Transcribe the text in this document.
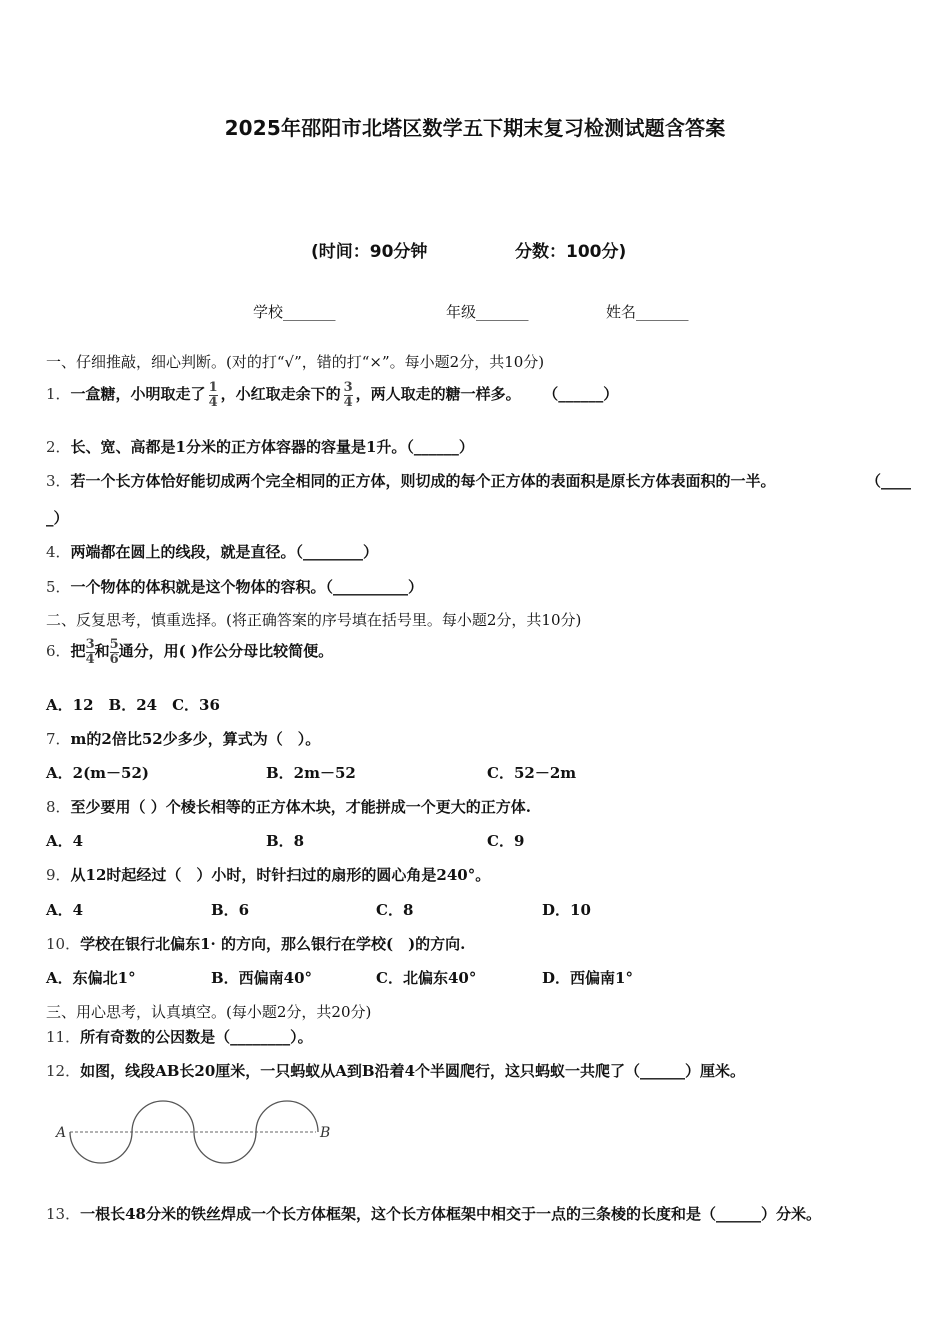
2025年邵阳市北塔区数学五下期末复习检测试题含答案
(时间：90分钟	分数：100分)
学校_______	年级_______	姓名_______
一、仔细推敲，细心判断。(对的打“√”，错的打“×”。每小题2分，共10分)
1．一盒糖，小明取走了 $\frac{1}{4}$ ，小红取走余下的 $\frac{3}{4}$ ，两人取走的糖一样多。 （______）
2．长、宽、高都是1分米的正方体容器的容量是1升。（______）
3．若一个长方体恰好能切成两个完全相同的正方体，则切成的每个正方体的表面积是原长方体表面积的一半。	（____
_）
4．两端都在圆上的线段，就是直径。（________）
5．一个物体的体积就是这个物体的容积。（__________）
二、反复思考，慎重选择。(将正确答案的序号填在括号里。每小题2分，共10分)
6．把 $\frac{3}{4}$ 和 $\frac{5}{6}$ 通分，用( )作公分母比较简便。
A．12　B．24　C．36
7．m的2倍比52少多少，算式为（　）。
A．2(m－52)	B．2m－52	C．52－2m
8．至少要用（ ）个棱长相等的正方体木块，才能拼成一个更大的正方体.
A．4	B．8	C．9
9．从12时起经过（　）小时，时针扫过的扇形的圆心角是240°。
A．4	B．6	C．8	D．10
10．学校在银行北偏东1· 的方向，那么银行在学校(　)的方向.
A．东偏北1°	B．西偏南40°	C．北偏东40°	D．西偏南1°
三、用心思考，认真填空。(每小题2分，共20分)
11．所有奇数的公因数是（________）。
12．如图，线段AB长20厘米，一只蚂蚁从A到B沿着4个半圆爬行，这只蚂蚁一共爬了（______）厘米。
A	B
13．一根长48分米的铁丝焊成一个长方体框架，这个长方体框架中相交于一点的三条棱的长度和是（______）分米。
